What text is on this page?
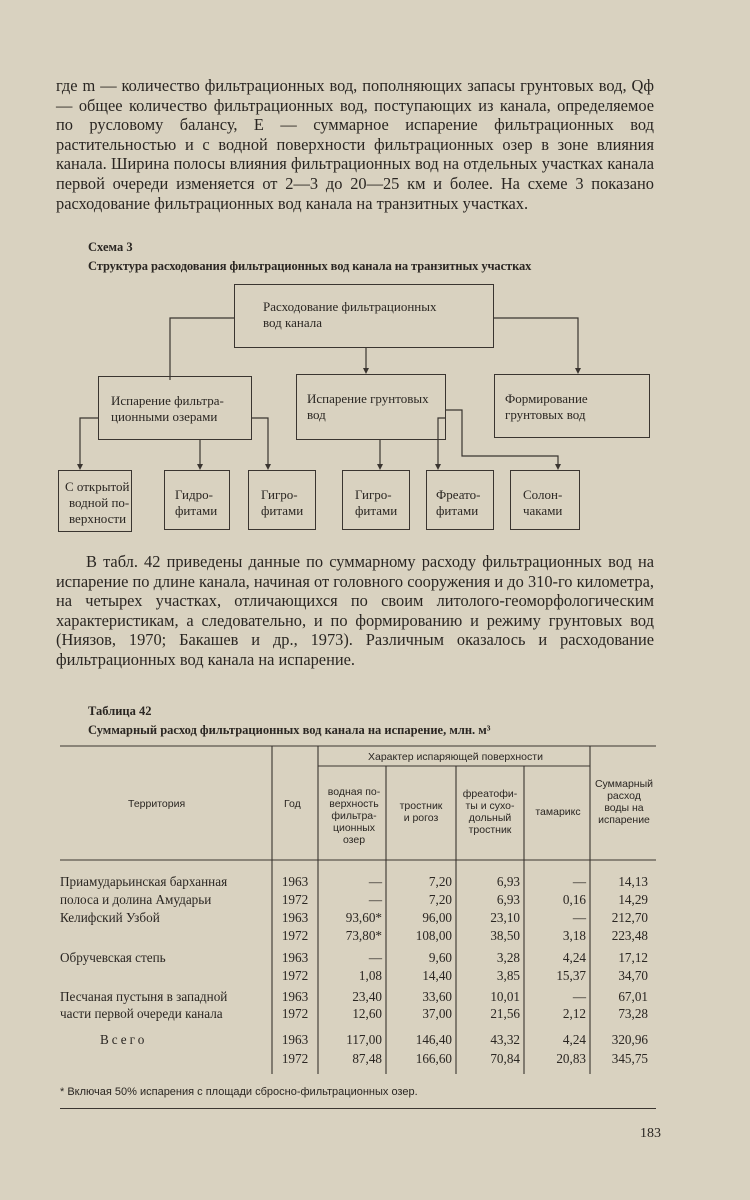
где m — количество фильтрационных вод, пополняющих запасы грунтовых вод, Qф — общее количество фильтрационных вод, поступающих из канала, определяемое по русловому балансу, E — суммарное испарение фильтрационных вод растительностью и с водной поверхности фильтрационных озер в зоне влияния канала. Ширина полосы влияния фильтрационных вод на отдельных участках канала первой очереди изменяется от 2—3 до 20—25 км и более. На схеме 3 показано расходование фильтрационных вод канала на транзитных участках.

Схема 3
Структура расходования фильтрационных вод канала на транзитных участках
Расходование фильтрационных
вод канала
Испарение фильтра-
ционными озерами
Испарение грунтовых
вод
Формирование
грунтовых вод
С открытой
водной по-
верхности
Гидро-
фитами
Гигро-
фитами
Гигро-
фитами
Фреато-
фитами
Солон-
чаками

В табл. 42 приведены данные по суммарному расходу фильтрационных вод на испарение по длине канала, начиная от головного сооружения и до 310-го километра, на четырех участках, отличающихся по своим литолого-геоморфологическим характеристикам, а следовательно, и по формированию и режиму грунтовых вод (Ниязов, 1970; Бакашев и др., 1973). Различным оказалось и расходование фильтрационных вод канала на испарение.

Таблица 42
Суммарный расход фильтрационных вод канала на испарение, млн. м³
Территория	Год
Характер испаряющей поверхности
водная по-
верхность
фильтра-
ционных
озер
тростник
и рогоз
фреатофи-
ты и сухо-
дольный
тростник
тамарикс
Суммарный
расход
воды на
испарение
Приамударьинская барханная	1963	—	7,20	6,93	—	14,13
полоса и долина Амударьи	1972	—	7,20	6,93	0,16	14,29
Келифский Узбой	1963	93,60*	96,00	23,10	—	212,70
1972	73,80*	108,00	38,50	3,18	223,48
Обручевская степь	1963	—	9,60	3,28	4,24	17,12
1972	1,08	14,40	3,85	15,37	34,70
Песчаная пустыня в западной	1963	23,40	33,60	10,01	—	67,01
части первой очереди канала	1972	12,60	37,00	21,56	2,12	73,28
Всего	1963	117,00	146,40	43,32	4,24	320,96
1972	87,48	166,60	70,84	20,83	345,75
* Включая 50% испарения с площади сбросно-фильтрационных озер.
183
